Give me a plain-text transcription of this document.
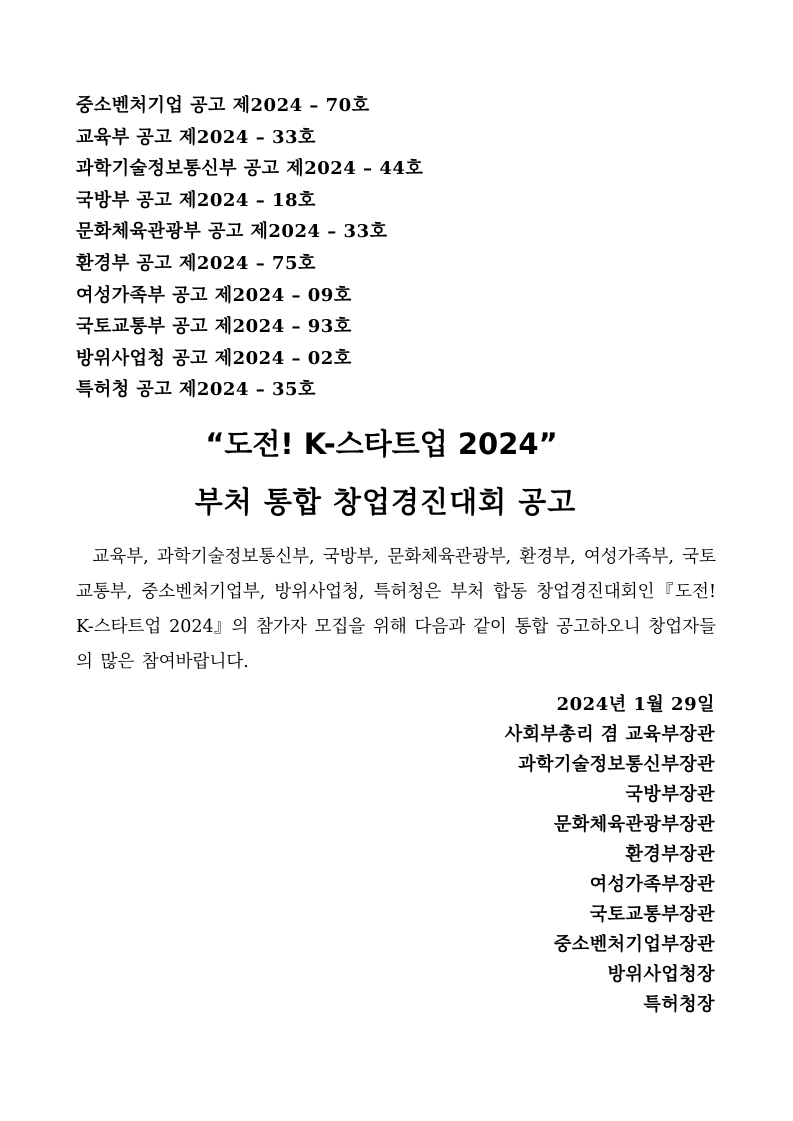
중소벤처기업 공고 제2024 – 70호
교육부 공고 제2024 – 33호
과학기술정보통신부 공고 제2024 – 44호
국방부 공고 제2024 – 18호
문화체육관광부 공고 제2024 – 33호
환경부 공고 제2024 – 75호
여성가족부 공고 제2024 – 09호
국토교통부 공고 제2024 – 93호
방위사업청 공고 제2024 – 02호
특허청 공고 제2024 – 35호
“도전! K-스타트업 2024”
부처 통합 창업경진대회 공고
교육부, 과학기술정보통신부, 국방부, 문화체육관광부, 환경부, 여성가족부, 국토교통부, 중소벤처기업부, 방위사업청, 특허청은 부처 합동 창업경진대회인『도전! K-스타트업 2024』의 참가자 모집을 위해 다음과 같이 통합 공고하오니 창업자들의 많은 참여바랍니다.
2024년 1월 29일
사회부총리 겸 교육부장관
과학기술정보통신부장관
국방부장관
문화체육관광부장관
환경부장관
여성가족부장관
국토교통부장관
중소벤처기업부장관
방위사업청장
특허청장
